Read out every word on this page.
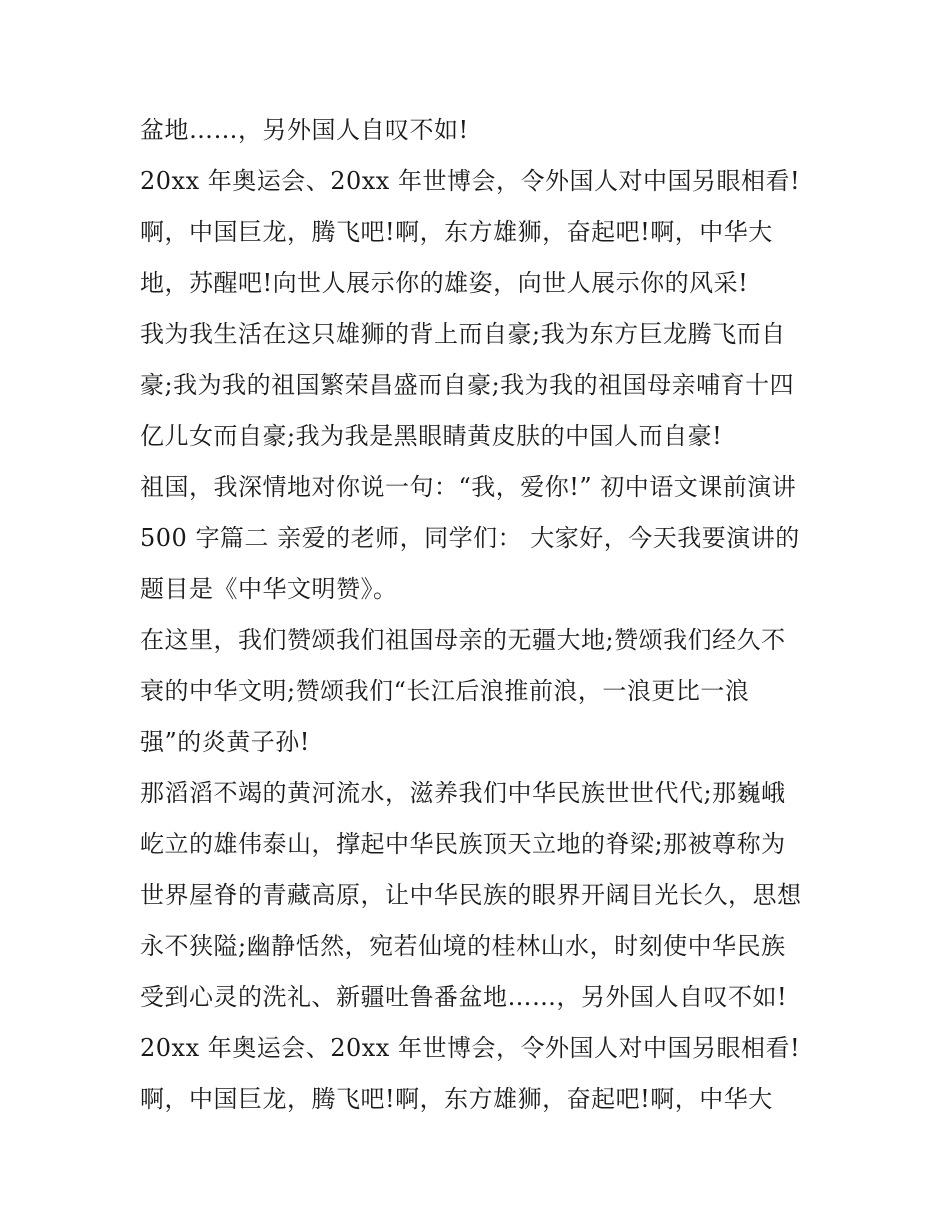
盆地……，另外国人自叹不如!
20xx 年奥运会、20xx 年世博会，令外国人对中国另眼相看!
啊，中国巨龙，腾飞吧!啊，东方雄狮，奋起吧!啊，中华大
地，苏醒吧!向世人展示你的雄姿，向世人展示你的风采!
我为我生活在这只雄狮的背上而自豪;我为东方巨龙腾飞而自
豪;我为我的祖国繁荣昌盛而自豪;我为我的祖国母亲哺育十四
亿儿女而自豪;我为我是黑眼睛黄皮肤的中国人而自豪!
祖国，我深情地对你说一句：“我，爱你!” 初中语文课前演讲
500 字篇二 亲爱的老师，同学们： 大家好，今天我要演讲的
题目是《中华文明赞》。
在这里，我们赞颂我们祖国母亲的无疆大地;赞颂我们经久不
衰的中华文明;赞颂我们“长江后浪推前浪，一浪更比一浪
强”的炎黄子孙!
那滔滔不竭的黄河流水，滋养我们中华民族世世代代;那巍峨
屹立的雄伟泰山，撑起中华民族顶天立地的脊梁;那被尊称为
世界屋脊的青藏高原，让中华民族的眼界开阔目光长久，思想
永不狭隘;幽静恬然，宛若仙境的桂林山水，时刻使中华民族
受到心灵的洗礼、新疆吐鲁番盆地……，另外国人自叹不如!
20xx 年奥运会、20xx 年世博会，令外国人对中国另眼相看!
啊，中国巨龙，腾飞吧!啊，东方雄狮，奋起吧!啊，中华大
